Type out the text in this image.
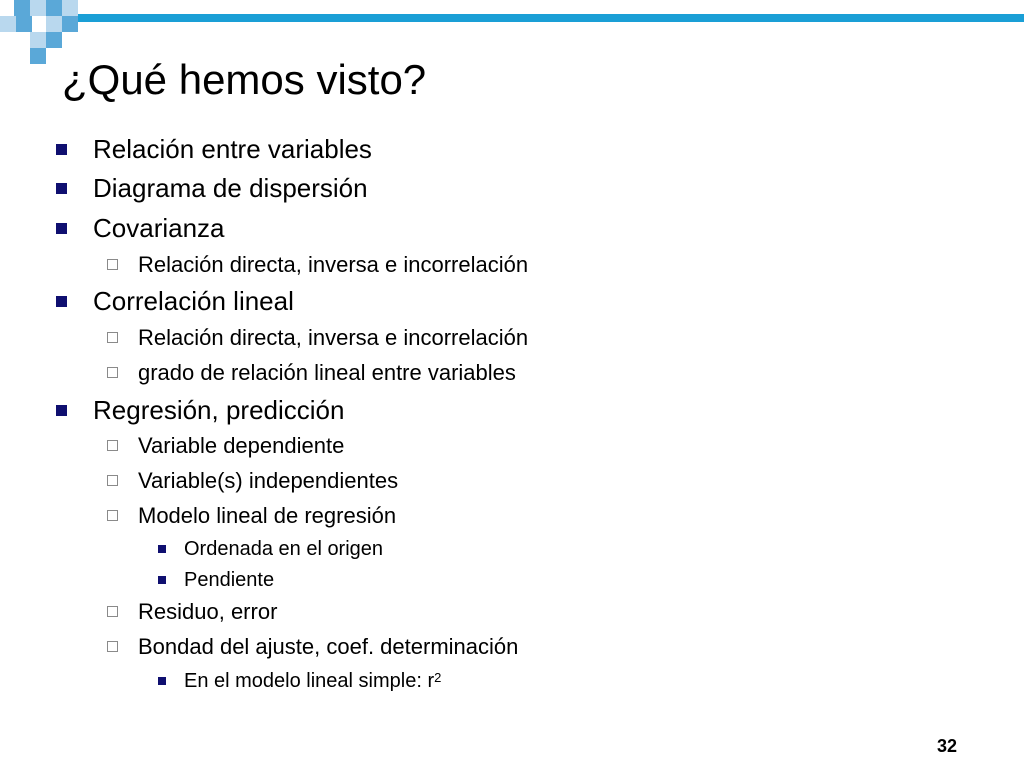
¿Qué hemos visto?
Relación entre variables
Diagrama de dispersión
Covarianza
Relación directa, inversa e incorrelación
Correlación lineal
Relación directa, inversa e incorrelación
grado de relación lineal entre variables
Regresión, predicción
Variable dependiente
Variable(s) independientes
Modelo lineal de regresión
Ordenada en el origen
Pendiente
Residuo, error
Bondad del ajuste, coef. determinación
En el modelo lineal simple: $r^2$
32
